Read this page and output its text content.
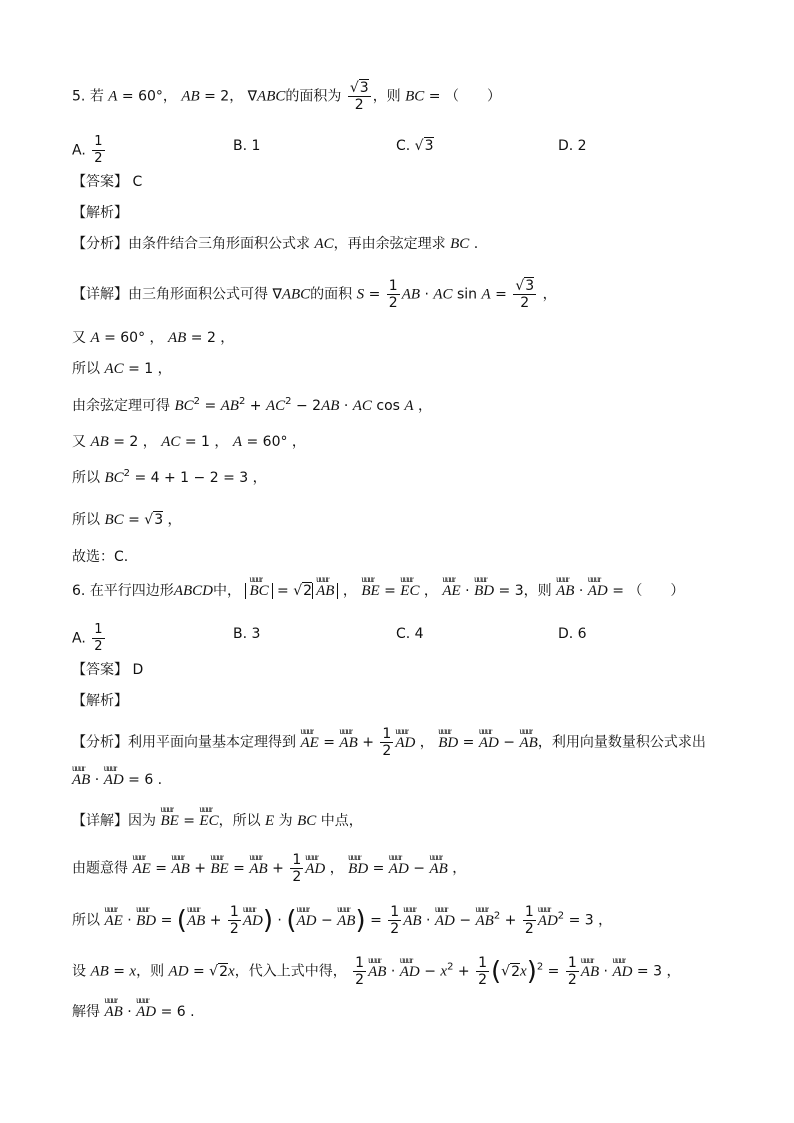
5. 若 A = 60°， AB = 2， ∇ABC的面积为 $\frac{√3}{2}$ ，则 BC = （　　）
A. $\frac{1}{2}$	B. 1	C. √3	D. 2
【答案】 C
【解析】
【分析】由条件结合三角形面积公式求 AC，再由余弦定理求 BC .
【详解】由三角形面积公式可得 ∇ABC的面积 $S = \frac{1}{2}$ AB · AC $\sin A = \frac{√3}{2}$ ，
又 A = 60° ， AB = 2 ，
所以 AC = 1 ，
由余弦定理可得 $BC^2 = AB^2 + AC^2 - 2AB$ · AC cos A ，
又 AB = 2 ， AC = 1 ， A = 60° ，
所以 $BC^2 = 4 + 1 - 2 = 3$ ，
所以 BC = √3 ，
故选：C.
6. 在平行四边形ABCD中， uuur BC = √2 uuur AB ， uuur BE = uuur EC ， uuur AE · uuur BD = 3，则 uuur AB · uuur AD = （　　）
A. $\frac{1}{2}$	B. 3	C. 4	D. 6
【答案】 D
【解析】
【分析】利用平面向量基本定理得到 uuur AE = uuur AB + $\frac{1}{2}$ uuur AD ， uuur BD = uuur AD − uuur AB，利用向量数量积公式求出
uuur AB · uuur AD = 6 .
【详解】因为 uuur BE = uuur EC，所以 E 为 BC 中点，
由题意得 uuur AE = uuur AB + uuur BE = uuur AB + $\frac{1}{2}$ uuur AD ， uuur BD = uuur AD − uuur AB ，
所以 uuur AE · uuur BD = (uuur AB + $\frac{1}{2}$ uuur AD) · (uuur AD − uuur $AB) = \frac{1}{2}$ uuur AB · uuur AD − uuur $AB^2 + \frac{1}{2}$ uuur $AD^2 = 3$ ，
设 AB = x，则 AD = √2x，代入上式中得， $\frac{1}{2}$ uuur AB · uuur AD − $x^2 + \frac{1}{2} (√2x)^2 = \frac{1}{2}$ uuur AB · uuur AD = 3 ，
解得 uuur AB · uuur AD = 6 .
